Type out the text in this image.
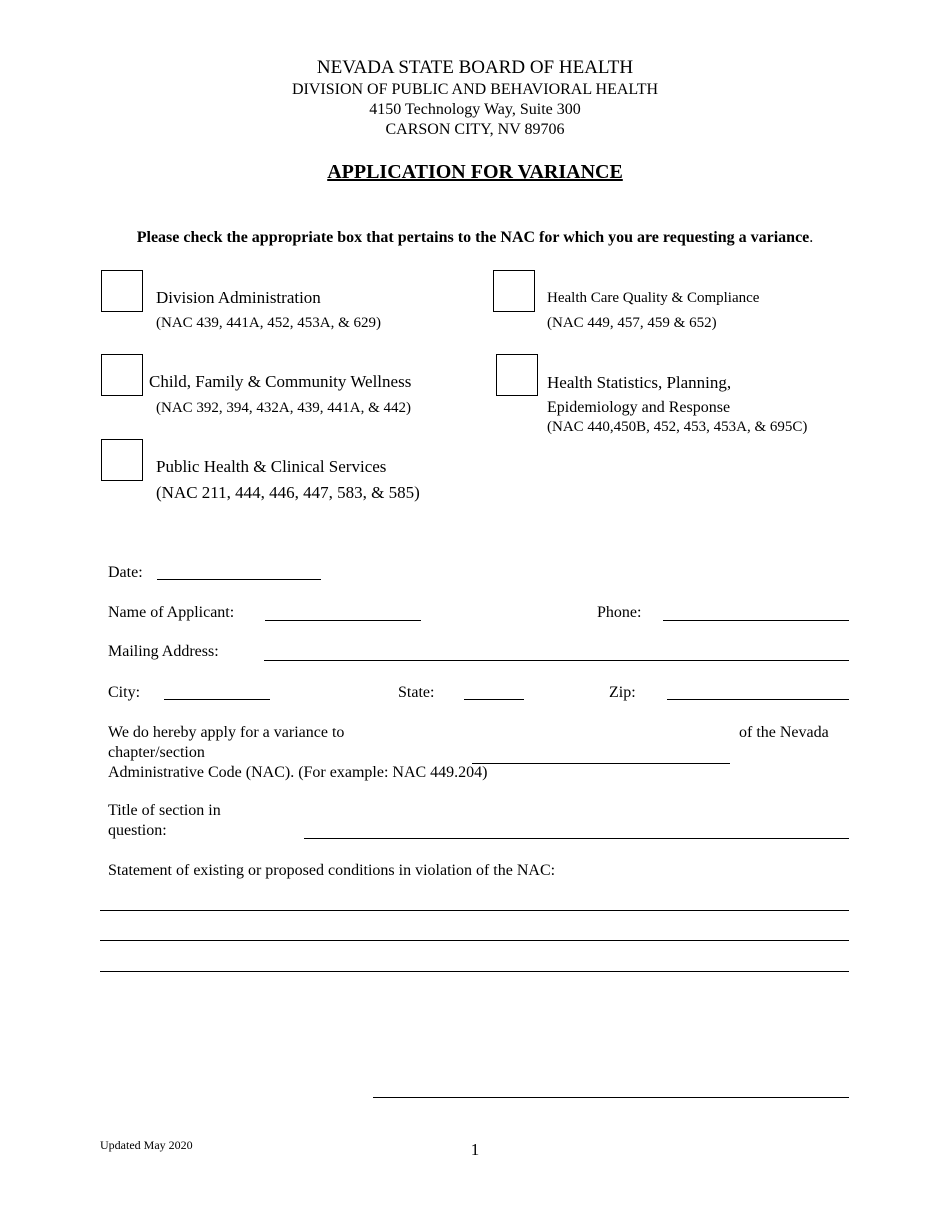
NEVADA STATE BOARD OF HEALTH
DIVISION OF PUBLIC AND BEHAVIORAL HEALTH
4150 Technology Way, Suite 300
CARSON CITY, NV 89706
APPLICATION FOR VARIANCE
Please check the appropriate box that pertains to the NAC for which you are requesting a variance.
Division Administration
(NAC 439, 441A, 452, 453A, & 629)
Child, Family & Community Wellness
(NAC 392, 394, 432A, 439, 441A, & 442)
Public Health & Clinical Services
(NAC 211, 444, 446, 447, 583, & 585)
Health Care Quality & Compliance
(NAC 449, 457, 459 & 652)
Health Statistics, Planning,
Epidemiology and Response
(NAC 440,450B, 452, 453, 453A, & 695C)
Date:
Name of Applicant:	Phone:
Mailing Address:
City:	State:	Zip:
We do hereby apply for a variance to
chapter/section
of the Nevada
Administrative Code (NAC). (For example: NAC 449.204)
Title of section in
question:
Statement of existing or proposed conditions in violation of the NAC:
Updated May 2020	1
